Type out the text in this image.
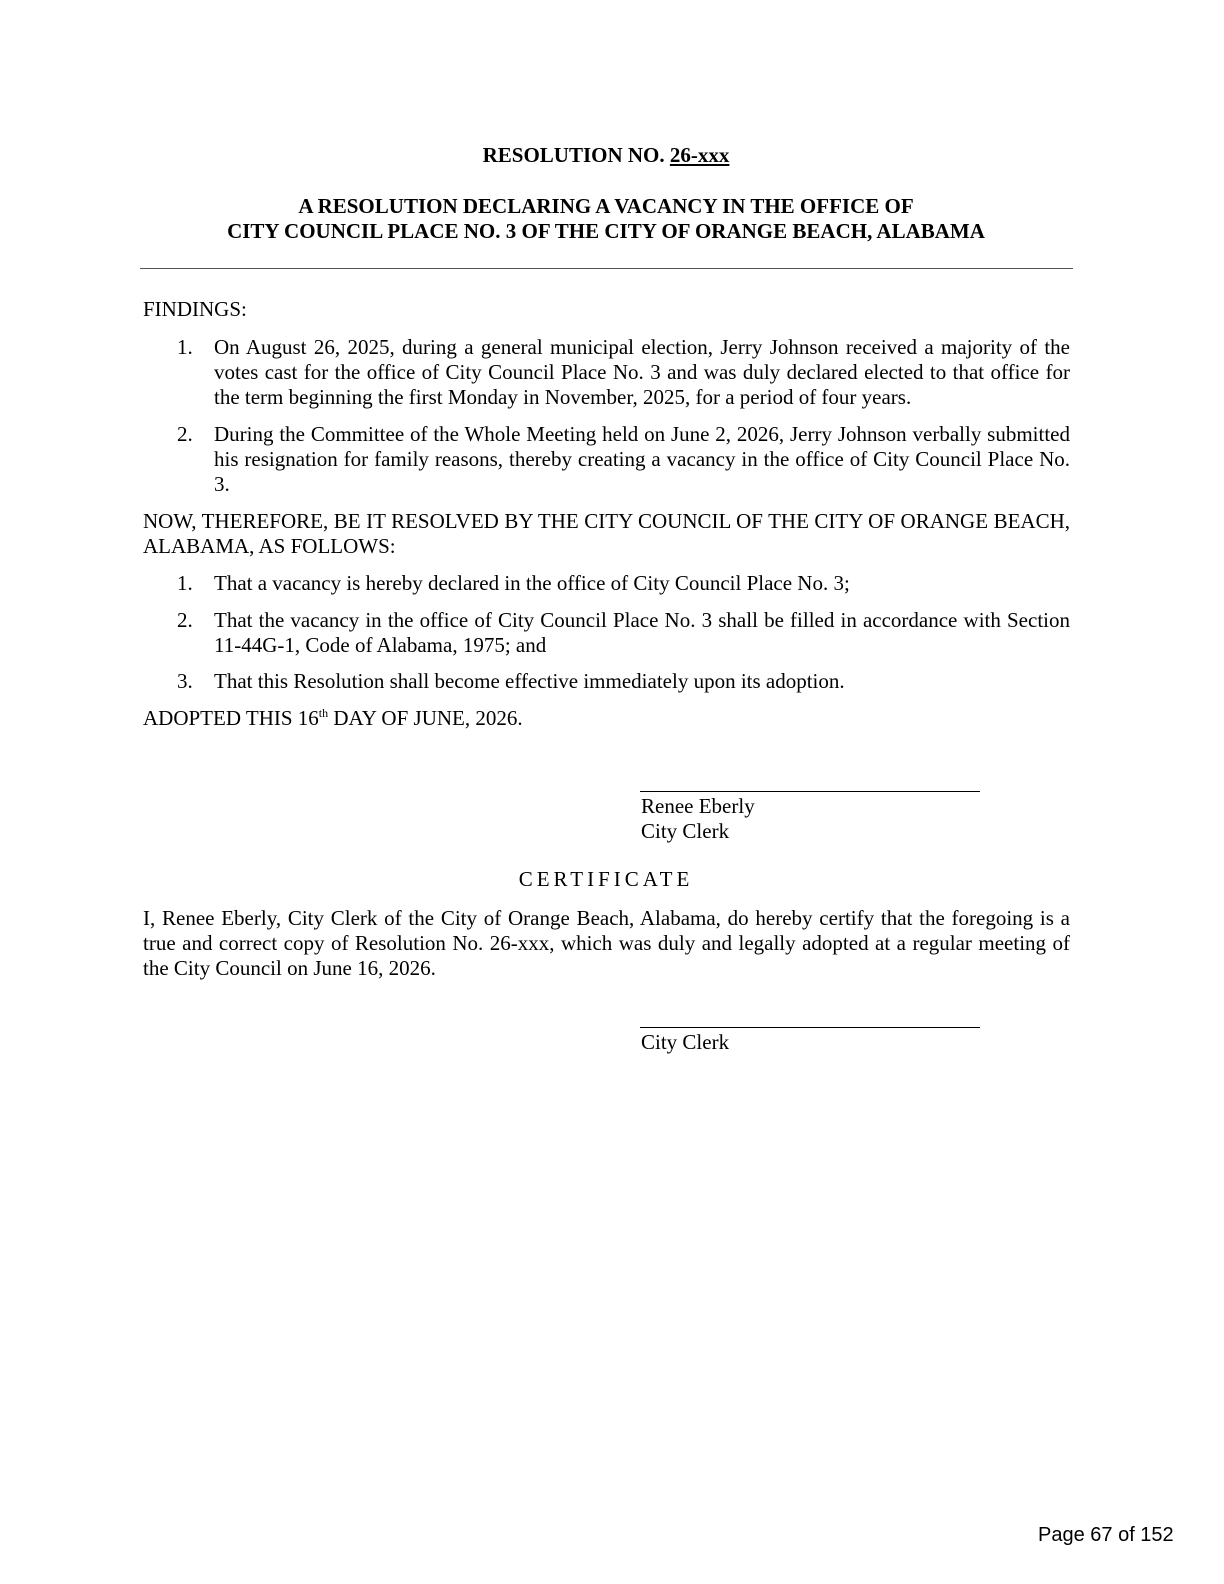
RESOLUTION NO. 26-xxx
A RESOLUTION DECLARING A VACANCY IN THE OFFICE OF
CITY COUNCIL PLACE NO. 3 OF THE CITY OF ORANGE BEACH, ALABAMA
FINDINGS:
1. On August 26, 2025, during a general municipal election, Jerry Johnson received a majority of the votes cast for the office of City Council Place No. 3 and was duly declared elected to that office for the term beginning the first Monday in November, 2025, for a period of four years.
2. During the Committee of the Whole Meeting held on June 2, 2026, Jerry Johnson verbally submitted his resignation for family reasons, thereby creating a vacancy in the office of City Council Place No. 3.
NOW, THEREFORE, BE IT RESOLVED BY THE CITY COUNCIL OF THE CITY OF ORANGE BEACH, ALABAMA, AS FOLLOWS:
1. That a vacancy is hereby declared in the office of City Council Place No. 3;
2. That the vacancy in the office of City Council Place No. 3 shall be filled in accordance with Section 11-44G-1, Code of Alabama, 1975; and
3. That this Resolution shall become effective immediately upon its adoption.
ADOPTED THIS 16th DAY OF JUNE, 2026.
Renee Eberly
City Clerk
CERTIFICATE
I, Renee Eberly, City Clerk of the City of Orange Beach, Alabama, do hereby certify that the foregoing is a true and correct copy of Resolution No. 26-xxx, which was duly and legally adopted at a regular meeting of the City Council on June 16, 2026.
City Clerk
Page 67 of 152
